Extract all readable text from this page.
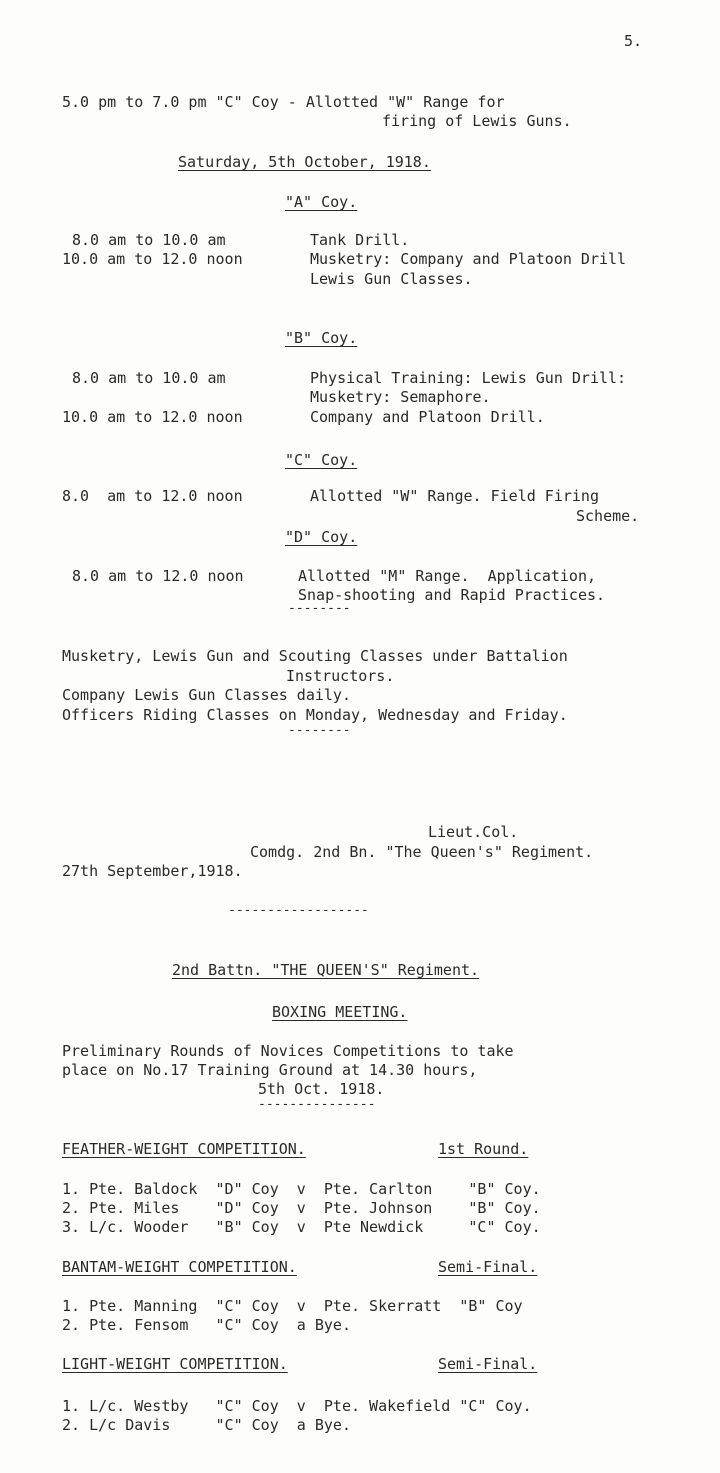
5.
5.0 pm to 7.0 pm "C" Coy - Allotted "W" Range for
firing of Lewis Guns.
Saturday, 5th October, 1918.
"A" Coy.
8.0 am to 10.0 am	Tank Drill.
10.0 am to 12.0 noon	Musketry: Company and Platoon Drill
Lewis Gun Classes.
"B" Coy.
8.0 am to 10.0 am	Physical Training: Lewis Gun Drill:
Musketry: Semaphore.
10.0 am to 12.0 noon	Company and Platoon Drill.
"C" Coy.
8.0  am to 12.0 noon	Allotted "W" Range. Field Firing
Scheme.
"D" Coy.
8.0 am to 12.0 noon	Allotted "M" Range.  Application,
Snap-shooting and Rapid Practices.
--------
Musketry, Lewis Gun and Scouting Classes under Battalion
Instructors.
Company Lewis Gun Classes daily.
Officers Riding Classes on Monday, Wednesday and Friday.
--------
Lieut.Col.
Comdg. 2nd Bn. "The Queen's" Regiment.
27th September,1918.
------------------
2nd Battn. "THE QUEEN'S" Regiment.
BOXING MEETING.
Preliminary Rounds of Novices Competitions to take
place on No.17 Training Ground at 14.30 hours,
5th Oct. 1918.
---------------
FEATHER-WEIGHT COMPETITION.	1st Round.
1. Pte. Baldock  "D" Coy  v  Pte. Carlton    "B" Coy.
2. Pte. Miles    "D" Coy  v  Pte. Johnson    "B" Coy.
3. L/c. Wooder   "B" Coy  v  Pte Newdick     "C" Coy.
BANTAM-WEIGHT COMPETITION.	Semi-Final.
1. Pte. Manning  "C" Coy  v  Pte. Skerratt  "B" Coy
2. Pte. Fensom   "C" Coy  a Bye.
LIGHT-WEIGHT COMPETITION.	Semi-Final.
1. L/c. Westby   "C" Coy  v  Pte. Wakefield "C" Coy.
2. L/c Davis     "C" Coy  a Bye.
